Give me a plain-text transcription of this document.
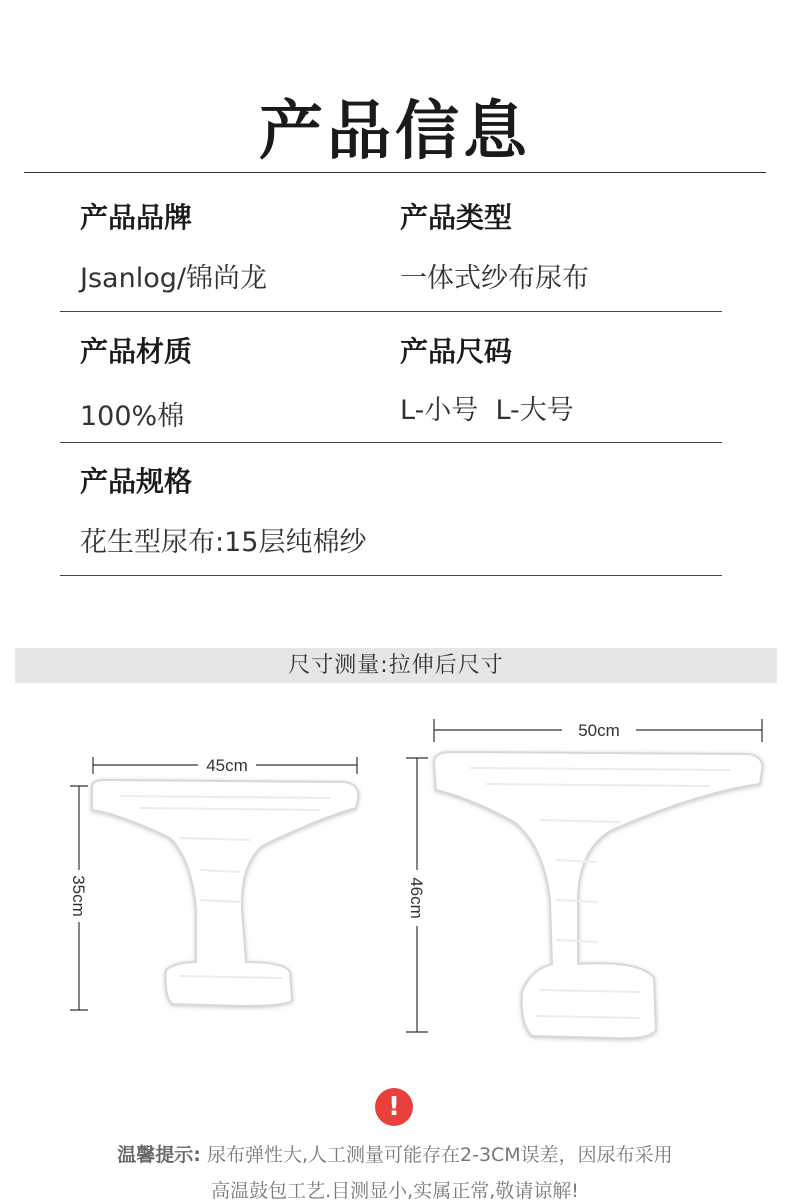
产品信息
产品品牌
Jsanlog/锦尚龙
产品类型
一体式纱布尿布
产品材质
100%棉
产品尺码
L-小号  L-大号
产品规格
花生型尿布:15层纯棉纱
尺寸测量:拉伸后尺寸
45cm
35cm
50cm
46cm
!
温馨提示: 尿布弹性大,人工测量可能存在2-3CM误差，因尿布采用
高温鼓包工艺.目测显小,实属正常,敬请谅解!
